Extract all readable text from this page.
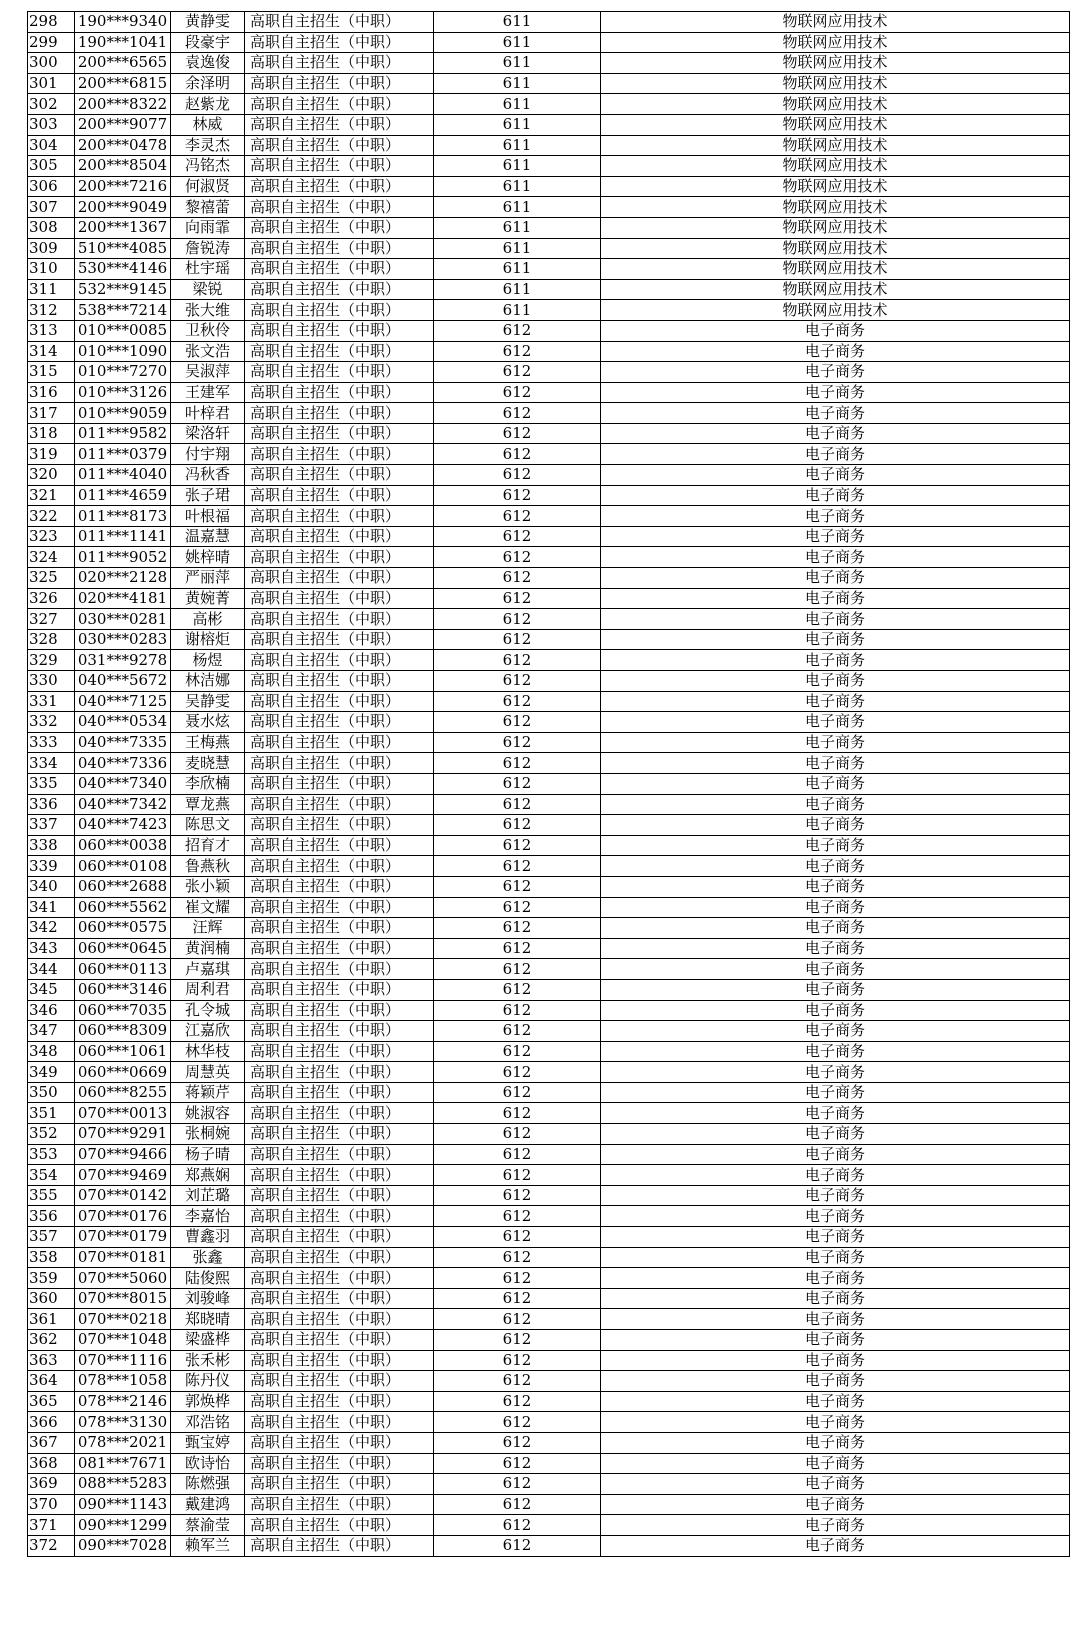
298	190***9340	黄静雯	高职自主招生（中职）	611	物联网应用技术
299	190***1041	段豪宇	高职自主招生（中职）	611	物联网应用技术
300	200***6565	袁逸俊	高职自主招生（中职）	611	物联网应用技术
301	200***6815	余泽明	高职自主招生（中职）	611	物联网应用技术
302	200***8322	赵紫龙	高职自主招生（中职）	611	物联网应用技术
303	200***9077	林威	高职自主招生（中职）	611	物联网应用技术
304	200***0478	李灵杰	高职自主招生（中职）	611	物联网应用技术
305	200***8504	冯铭杰	高职自主招生（中职）	611	物联网应用技术
306	200***7216	何淑贤	高职自主招生（中职）	611	物联网应用技术
307	200***9049	黎禧蕾	高职自主招生（中职）	611	物联网应用技术
308	200***1367	向雨霏	高职自主招生（中职）	611	物联网应用技术
309	510***4085	詹锐涛	高职自主招生（中职）	611	物联网应用技术
310	530***4146	杜宇瑶	高职自主招生（中职）	611	物联网应用技术
311	532***9145	梁锐	高职自主招生（中职）	611	物联网应用技术
312	538***7214	张大维	高职自主招生（中职）	611	物联网应用技术
313	010***0085	卫秋伶	高职自主招生（中职）	612	电子商务
314	010***1090	张文浩	高职自主招生（中职）	612	电子商务
315	010***7270	吴淑萍	高职自主招生（中职）	612	电子商务
316	010***3126	王建军	高职自主招生（中职）	612	电子商务
317	010***9059	叶梓君	高职自主招生（中职）	612	电子商务
318	011***9582	梁洛轩	高职自主招生（中职）	612	电子商务
319	011***0379	付宇翔	高职自主招生（中职）	612	电子商务
320	011***4040	冯秋香	高职自主招生（中职）	612	电子商务
321	011***4659	张子珺	高职自主招生（中职）	612	电子商务
322	011***8173	叶根福	高职自主招生（中职）	612	电子商务
323	011***1141	温嘉慧	高职自主招生（中职）	612	电子商务
324	011***9052	姚梓晴	高职自主招生（中职）	612	电子商务
325	020***2128	严丽萍	高职自主招生（中职）	612	电子商务
326	020***4181	黄婉菁	高职自主招生（中职）	612	电子商务
327	030***0281	高彬	高职自主招生（中职）	612	电子商务
328	030***0283	谢榕炬	高职自主招生（中职）	612	电子商务
329	031***9278	杨煜	高职自主招生（中职）	612	电子商务
330	040***5672	林洁娜	高职自主招生（中职）	612	电子商务
331	040***7125	吴静雯	高职自主招生（中职）	612	电子商务
332	040***0534	聂水炫	高职自主招生（中职）	612	电子商务
333	040***7335	王梅燕	高职自主招生（中职）	612	电子商务
334	040***7336	麦晓慧	高职自主招生（中职）	612	电子商务
335	040***7340	李欣楠	高职自主招生（中职）	612	电子商务
336	040***7342	覃龙燕	高职自主招生（中职）	612	电子商务
337	040***7423	陈思文	高职自主招生（中职）	612	电子商务
338	060***0038	招育才	高职自主招生（中职）	612	电子商务
339	060***0108	鲁燕秋	高职自主招生（中职）	612	电子商务
340	060***2688	张小颖	高职自主招生（中职）	612	电子商务
341	060***5562	崔文耀	高职自主招生（中职）	612	电子商务
342	060***0575	汪辉	高职自主招生（中职）	612	电子商务
343	060***0645	黄润楠	高职自主招生（中职）	612	电子商务
344	060***0113	卢嘉琪	高职自主招生（中职）	612	电子商务
345	060***3146	周利君	高职自主招生（中职）	612	电子商务
346	060***7035	孔令城	高职自主招生（中职）	612	电子商务
347	060***8309	江嘉欣	高职自主招生（中职）	612	电子商务
348	060***1061	林华枝	高职自主招生（中职）	612	电子商务
349	060***0669	周慧英	高职自主招生（中职）	612	电子商务
350	060***8255	蒋颖芹	高职自主招生（中职）	612	电子商务
351	070***0013	姚淑容	高职自主招生（中职）	612	电子商务
352	070***9291	张桐婉	高职自主招生（中职）	612	电子商务
353	070***9466	杨子晴	高职自主招生（中职）	612	电子商务
354	070***9469	郑燕娴	高职自主招生（中职）	612	电子商务
355	070***0142	刘芷璐	高职自主招生（中职）	612	电子商务
356	070***0176	李嘉怡	高职自主招生（中职）	612	电子商务
357	070***0179	曹鑫羽	高职自主招生（中职）	612	电子商务
358	070***0181	张鑫	高职自主招生（中职）	612	电子商务
359	070***5060	陆俊熙	高职自主招生（中职）	612	电子商务
360	070***8015	刘骏峰	高职自主招生（中职）	612	电子商务
361	070***0218	郑晓晴	高职自主招生（中职）	612	电子商务
362	070***1048	梁盛桦	高职自主招生（中职）	612	电子商务
363	070***1116	张禾彬	高职自主招生（中职）	612	电子商务
364	078***1058	陈丹仪	高职自主招生（中职）	612	电子商务
365	078***2146	郭焕桦	高职自主招生（中职）	612	电子商务
366	078***3130	邓浩铭	高职自主招生（中职）	612	电子商务
367	078***2021	甄宝婷	高职自主招生（中职）	612	电子商务
368	081***7671	欧诗怡	高职自主招生（中职）	612	电子商务
369	088***5283	陈燃强	高职自主招生（中职）	612	电子商务
370	090***1143	戴建鸿	高职自主招生（中职）	612	电子商务
371	090***1299	蔡渝莹	高职自主招生（中职）	612	电子商务
372	090***7028	赖军兰	高职自主招生（中职）	612	电子商务
